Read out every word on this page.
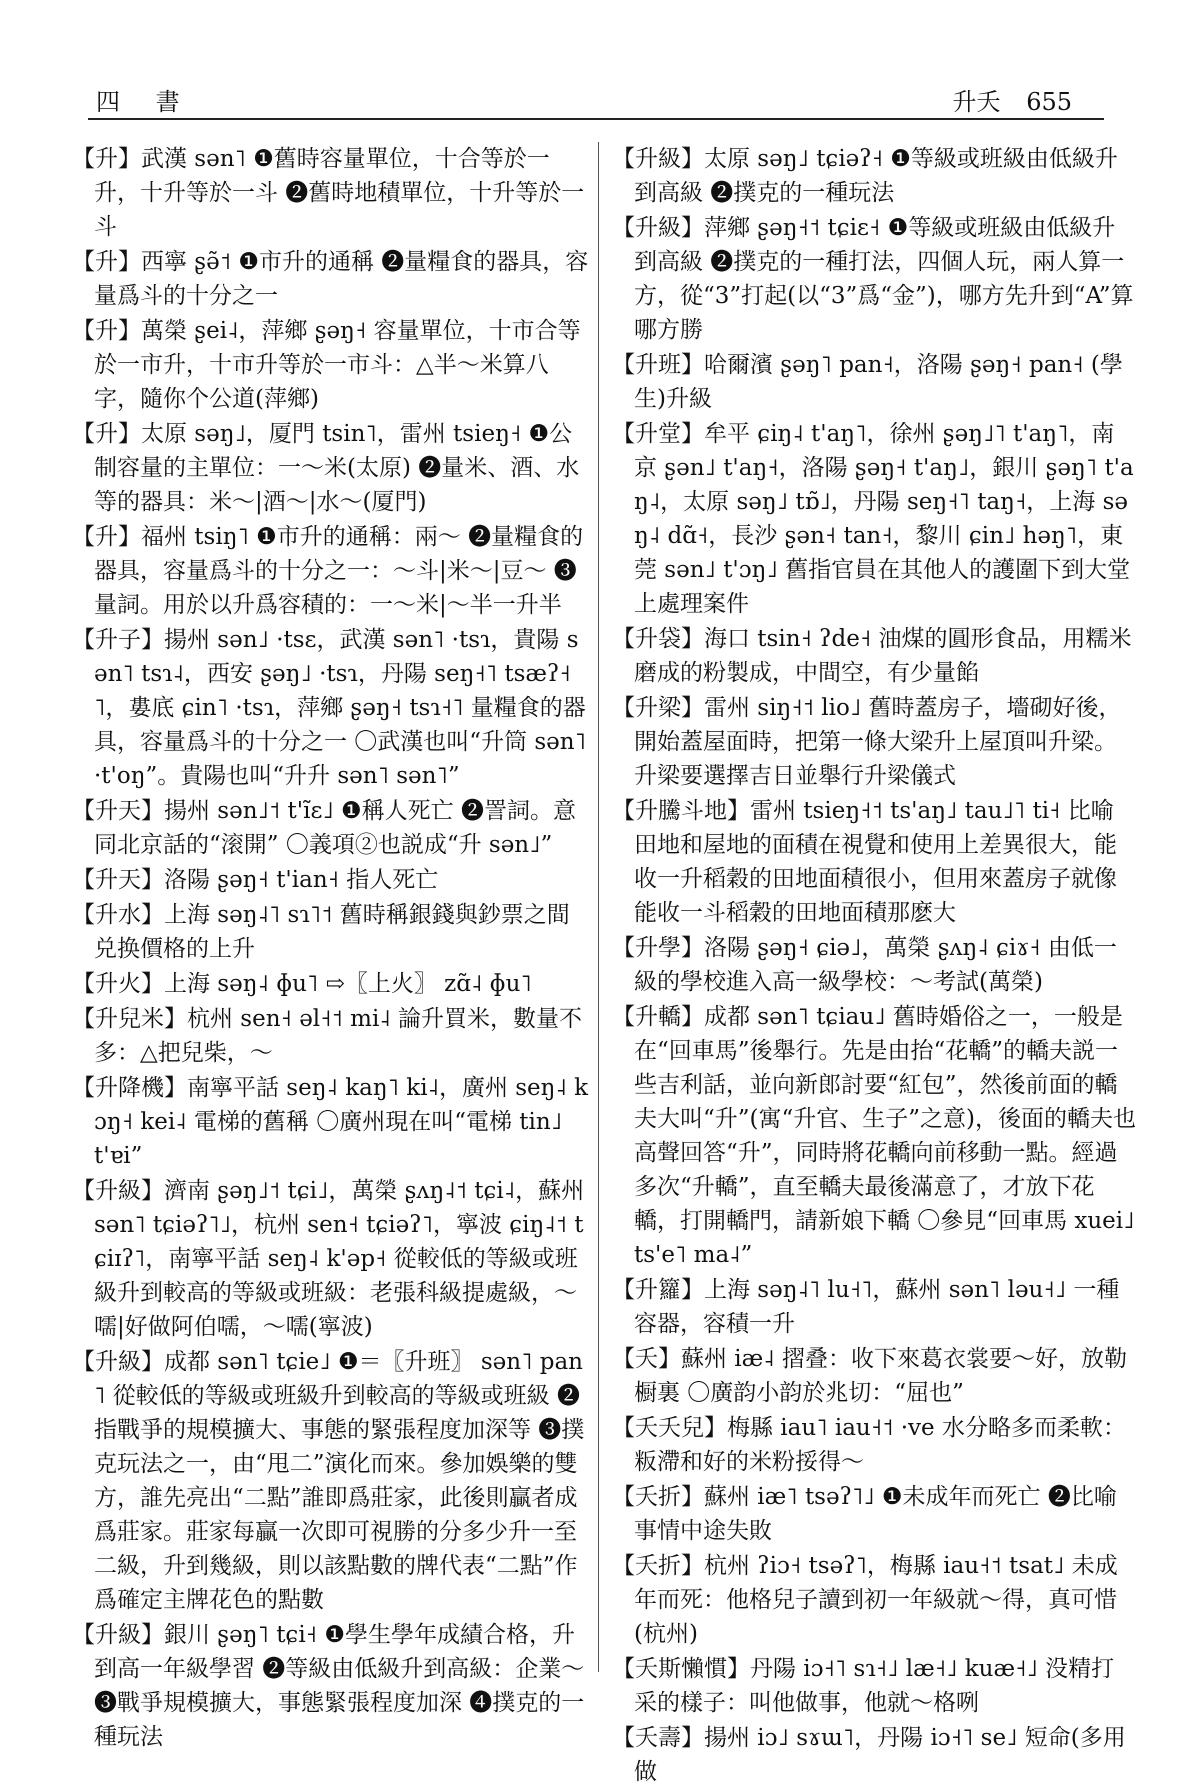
四 書	升夭 655

【升】武漢 sən˥ ❶舊時容量單位，十合等於一升，十升等於一斗 ❷舊時地積單位，十升等於一斗

【升】西寧 ʂə̃˦ ❶市升的通稱 ❷量糧食的器具，容量爲斗的十分之一

【升】萬榮 ʂei˨，萍鄉 ʂəŋ˧ 容量單位，十市合等於一市升，十市升等於一市斗：△半～米算八字，隨你个公道(萍鄉)

【升】太原 səŋ˩，厦門 tsin˥，雷州 tsieŋ˧ ❶公制容量的主單位：一～米(太原) ❷量米、酒、水等的器具：米～|酒～|水～(厦門)

【升】福州 tsiŋ˥ ❶市升的通稱：兩～ ❷量糧食的器具，容量爲斗的十分之一：～斗|米～|豆～ ❸量詞。用於以升爲容積的：一～米|～半一升半

【升子】揚州 sən˩ ·tsɛ，武漢 sən˥ ·tsɿ，貴陽 sən˥ tsɿ˨，西安 ʂəŋ˩ ·tsɿ，丹陽 seŋ˧˥ tsæʔ˧˥，婁底 ɕin˥ ·tsɿ，萍鄉 ʂəŋ˧ tsɿ˧˥ 量糧食的器具，容量爲斗的十分之一 〇武漢也叫“升筒 sən˥ ·t'oŋ”。貴陽也叫“升升 sən˥ sən˥”

【升天】揚州 sən˩˦ t'ĩɛ˩ ❶稱人死亡 ❷詈詞。意同北京話的“滚開” 〇義項②也説成“升 sən˩”

【升天】洛陽 ʂəŋ˧ t'ian˧ 指人死亡

【升水】上海 səŋ˨˥ sɿ˥˦ 舊時稱銀錢與鈔票之間兑换價格的上升

【升火】上海 səŋ˨ ɸu˥ ⇨〖上火〗 zɑ̃˨ ɸu˥

【升兒米】杭州 sen˧ əl˧˦ mi˨ 論升買米，數量不多：△把兒柴，～

【升降機】南寧平話 seŋ˨ kaŋ˥ ki˨，廣州 seŋ˨ kɔŋ˧ kei˨ 電梯的舊稱 〇廣州現在叫“電梯 tin˩ t'ɐi”

【升級】濟南 ʂəŋ˩˦ tɕi˩，萬榮 ʂʌŋ˨˦ tɕi˨，蘇州 sən˥ tɕiəʔ˥˩，杭州 sen˧ tɕiəʔ˥，寧波 ɕiŋ˨˦ tɕiɪʔ˥，南寧平話 seŋ˨ k'əp˧ 從較低的等級或班級升到較高的等級或班級：老張科級提處級，～嚅|好做阿伯嚅，～嚅(寧波)

【升級】成都 sən˥ tɕie˩ ❶＝〖升班〗 sən˥ pan˥ 從較低的等級或班級升到較高的等級或班級 ❷指戰爭的規模擴大、事態的緊張程度加深等 ❸撲克玩法之一，由“甩二”演化而來。參加娛樂的雙方，誰先亮出“二點”誰即爲莊家，此後則贏者成爲莊家。莊家每贏一次即可視勝的分多少升一至二級，升到幾級，則以該點數的牌代表“二點”作爲確定主牌花色的點數

【升級】銀川 ʂəŋ˥ tɕi˧ ❶學生學年成績合格，升到高一年級學習 ❷等級由低級升到高級：企業～ ❸戰爭規模擴大，事態緊張程度加深 ❹撲克的一種玩法

【升級】太原 səŋ˩ tɕiəʔ˧ ❶等級或班級由低級升到高級 ❷撲克的一種玩法

【升級】萍鄉 ʂəŋ˧˦ tɕiɛ˧ ❶等級或班級由低級升到高級 ❷撲克的一種打法，四個人玩，兩人算一方，從“3”打起(以“3”爲“金”)，哪方先升到“A”算哪方勝

【升班】哈爾濱 ʂəŋ˥ pan˧，洛陽 ʂəŋ˧ pan˧ (學生)升級

【升堂】牟平 ɕiŋ˨ t'aŋ˥，徐州 ʂəŋ˩˥ t'aŋ˥，南京 ʂən˩ t'aŋ˧，洛陽 ʂəŋ˧ t'aŋ˩，銀川 ʂəŋ˥ t'aŋ˨，太原 səŋ˩ tɒ̃˩，丹陽 seŋ˧˥ taŋ˧，上海 səŋ˨ dɑ̃˧，長沙 ʂən˧ tan˧，黎川 ɕin˩ həŋ˥，東莞 sən˩ t'ɔŋ˩ 舊指官員在其他人的護圍下到大堂上處理案件

【升袋】海口 tsin˧ ʔde˧ 油煤的圓形食品，用糯米磨成的粉製成，中間空，有少量餡

【升梁】雷州 siŋ˧˦ lio˩ 舊時蓋房子，墻砌好後，開始蓋屋面時，把第一條大梁升上屋頂叫升梁。升梁要選擇吉日並舉行升梁儀式

【升騰斗地】雷州 tsieŋ˧˦ ts'aŋ˩ tau˩˥ ti˧ 比喻田地和屋地的面積在視覺和使用上差異很大，能收一升稻穀的田地面積很小，但用來蓋房子就像能收一斗稻穀的田地面積那麽大

【升學】洛陽 ʂəŋ˧ ɕiə˩，萬榮 ʂʌŋ˨ ɕiɤ˧ 由低一級的學校進入高一級學校：～考試(萬榮)

【升轎】成都 sən˥ tɕiau˩ 舊時婚俗之一，一般是在“回車馬”後舉行。先是由抬“花轎”的轎夫説一些吉利話，並向新郎討要“紅包”，然後前面的轎夫大叫“升”(寓“升官、生子”之意)，後面的轎夫也高聲回答“升”，同時將花轎向前移動一點。經過多次“升轎”，直至轎夫最後滿意了，才放下花轎，打開轎門，請新娘下轎 〇參見“回車馬 xuei˩ ts'e˥ ma˨”

【升籮】上海 səŋ˨˥ lu˧˥，蘇州 sən˥ ləu˧˩ 一種容器，容積一升

【夭】蘇州 iæ˨ 摺叠：收下來葛衣裳要～好，放勒橱裏 〇廣韵小韵於兆切：“屈也”

【夭夭兒】梅縣 iau˥ iau˧˦ ·ve 水分略多而柔軟：粄滯和好的米粉挼得～

【夭折】蘇州 iæ˥ tsəʔ˥˩ ❶未成年而死亡 ❷比喻事情中途失敗

【夭折】杭州 ʔiɔ˧ tsəʔ˥，梅縣 iau˧˦ tsat˩ 未成年而死：他格兒子讀到初一年級就～得，真可惜(杭州)

【夭斯懶慣】丹陽 iɔ˧˥ sɿ˧˩ læ˧˩ kuæ˧˩ 没精打采的樣子：叫他做事，他就～格咧

【夭壽】揚州 iɔ˩ sɤɯ˥，丹陽 iɔ˧˥ se˩ 短命(多用做
